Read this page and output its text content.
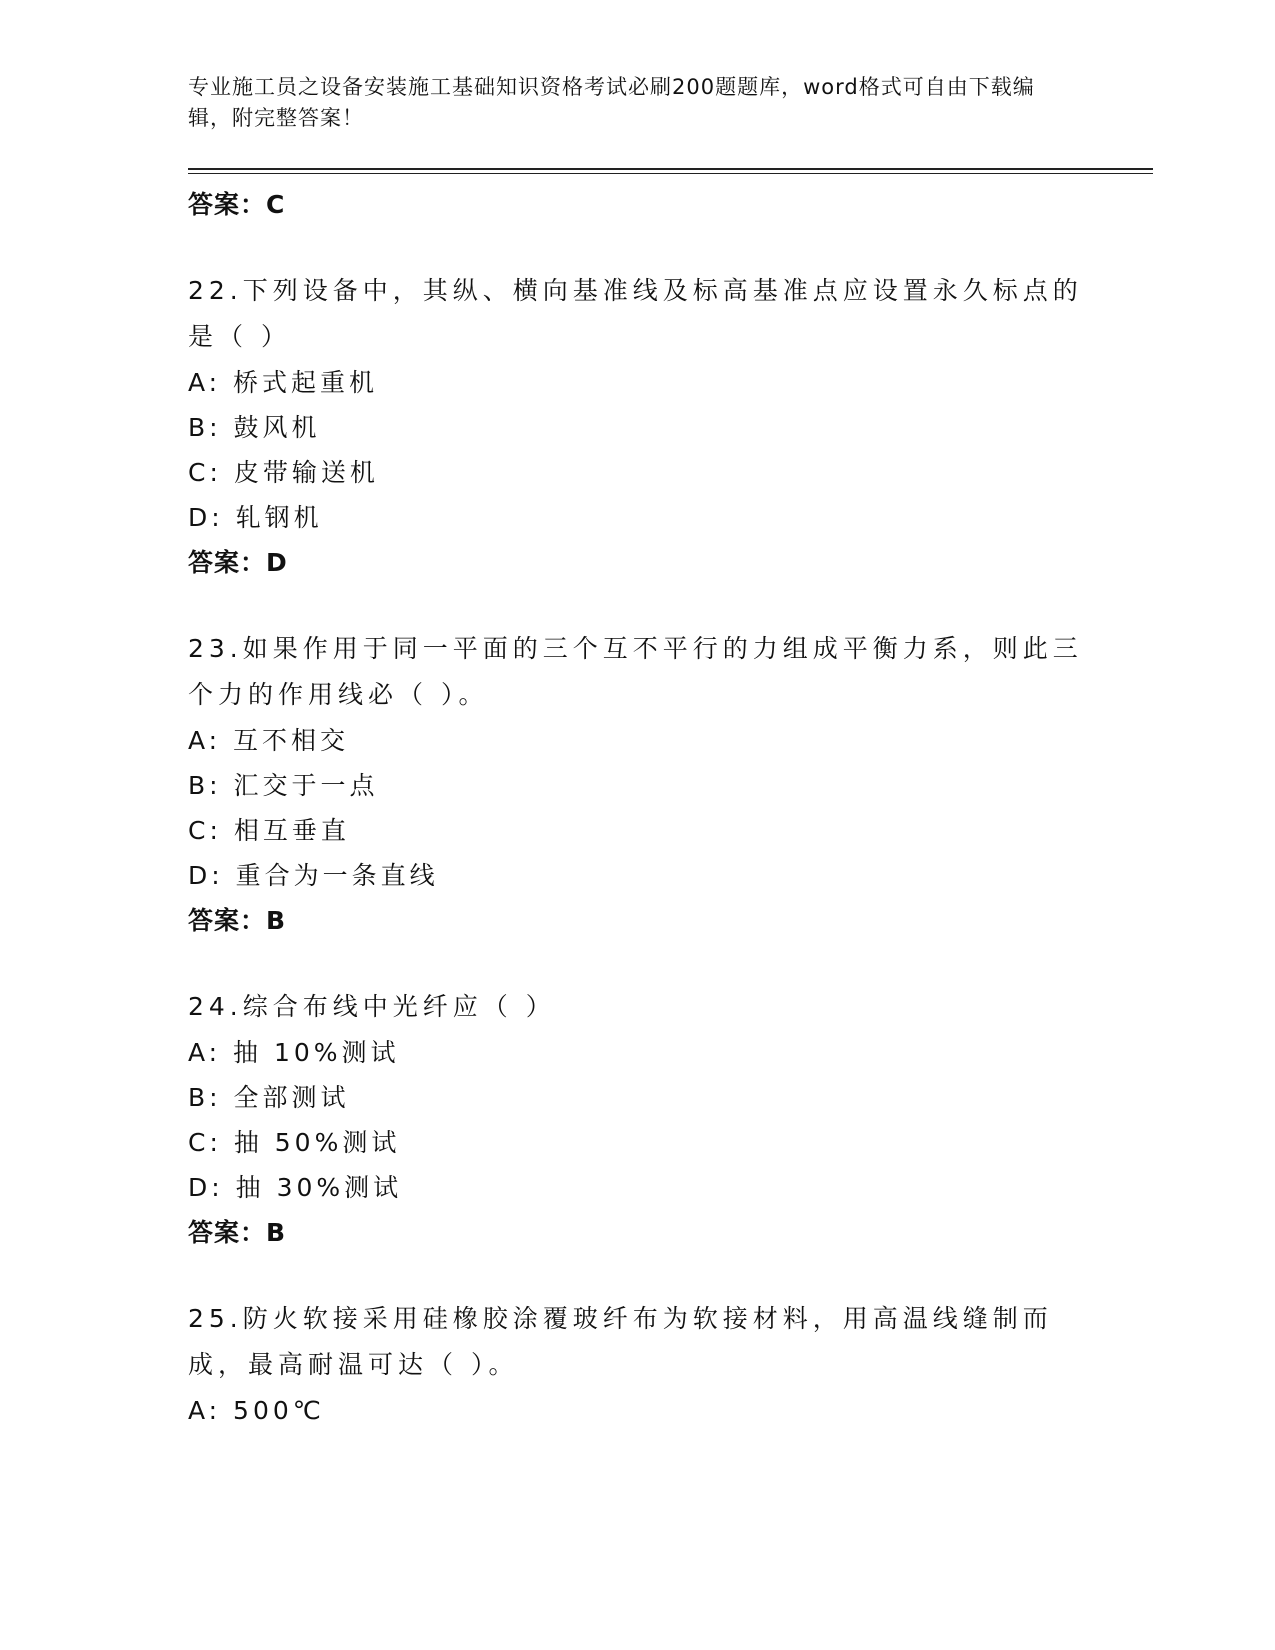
专业施工员之设备安装施工基础知识资格考试必刷200题题库，word格式可自由下载编辑，附完整答案！
答案：C
22.下列设备中，其纵、横向基准线及标高基准点应设置永久标点的是（ ）
A: 桥式起重机
B: 鼓风机
C: 皮带输送机
D: 轧钢机
答案：D
23.如果作用于同一平面的三个互不平行的力组成平衡力系，则此三个力的作用线必（ ）。
A: 互不相交
B: 汇交于一点
C: 相互垂直
D: 重合为一条直线
答案：B
24.综合布线中光纤应（ ）
A: 抽 10%测试
B: 全部测试
C: 抽 50%测试
D: 抽 30%测试
答案：B
25.防火软接采用硅橡胶涂覆玻纤布为软接材料，用高温线缝制而成，最高耐温可达（ ）。
A: 500℃
